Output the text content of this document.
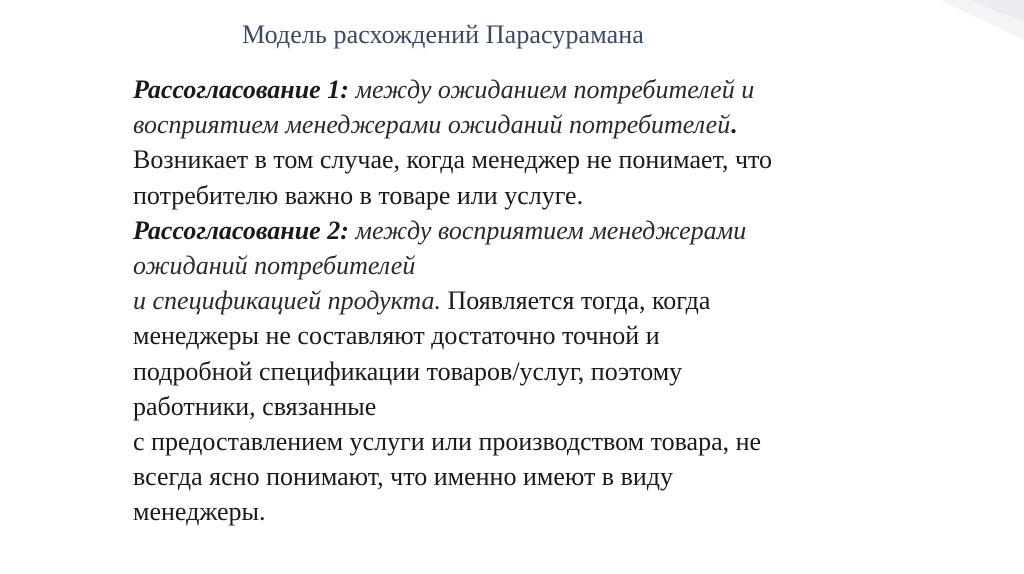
Модель расхождений Парасурамана
Рассогласование 1: между ожиданием потребителей и
восприятием менеджерами ожиданий потребителей.
Возникает в том случае, когда менеджер не понимает, что
потребителю важно в товаре или услуге.
Рассогласование 2: между восприятием менеджерами
ожиданий потребителей
и спецификацией продукта. Появляется тогда, когда
менеджеры не составляют достаточно точной и
подробной спецификации товаров/услуг, поэтому
работники, связанные
с предоставлением услуги или производством товара, не
всегда ясно понимают, что именно имеют в виду
менеджеры.
